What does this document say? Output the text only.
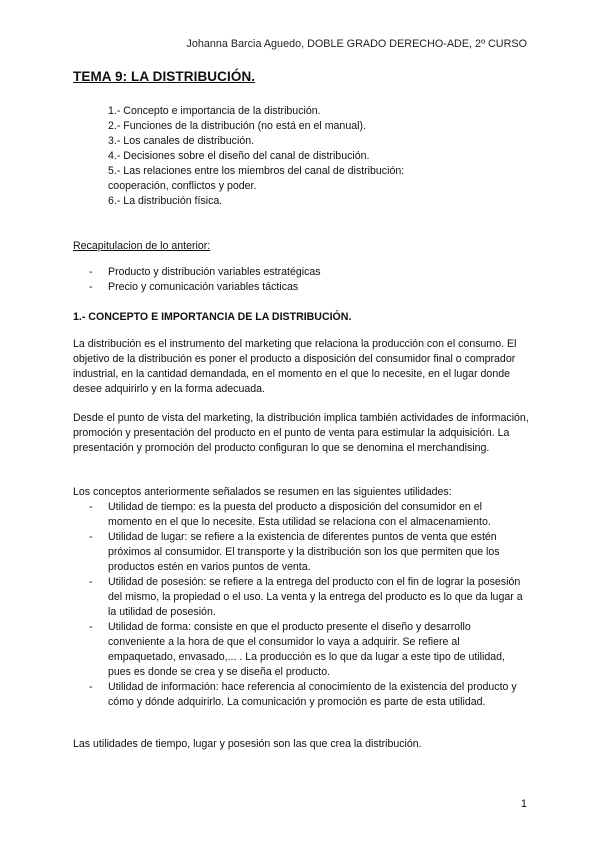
Johanna Barcia Aguedo, DOBLE GRADO DERECHO-ADE, 2º CURSO
TEMA 9: LA DISTRIBUCIÓN.
1.- Concepto e importancia de la distribución.
2.- Funciones de la distribución (no está en el manual).
3.- Los canales de distribución.
4.- Decisiones sobre el diseño del canal de distribución.
5.- Las relaciones entre los miembros del canal de distribución: cooperación, conflictos y poder.
6.- La distribución física.
Recapitulacion de lo anterior:
-	Producto y distribución variables estratégicas
-	Precio y comunicación variables tácticas
1.- CONCEPTO E IMPORTANCIA DE LA DISTRIBUCIÓN.
La distribución es el instrumento del marketing que relaciona la producción con el consumo. El objetivo de la distribución es poner el producto a disposición del consumidor final o comprador industrial, en la cantidad demandada, en el momento en el que lo necesite, en el lugar donde desee adquirirlo y en la forma adecuada.
Desde el punto de vista del marketing, la distribución implica también actividades de información, promoción y presentación del producto en el punto de venta para estimular la adquisición. La presentación y promoción del producto configuran lo que se denomina el merchandising.
Los conceptos anteriormente señalados se resumen en las siguientes utilidades:
-	Utilidad de tiempo: es la puesta del producto a disposición del consumidor en el momento en el que lo necesite. Esta utilidad se relaciona con el almacenamiento.
-	Utilidad de lugar: se refiere a la existencia de diferentes puntos de venta que estén próximos al consumidor. El transporte y la distribución son los que permiten que los productos estén en varios puntos de venta.
-	Utilidad de posesión: se refiere a la entrega del producto con el fin de lograr la posesión del mismo, la propiedad o el uso. La venta y la entrega del producto es lo que da lugar a la utilidad de posesión.
-	Utilidad de forma: consiste en que el producto presente el diseño y desarrollo conveniente a la hora de que el consumidor lo vaya a adquirir. Se refiere al empaquetado, envasado,... . La producción es lo que da lugar a este tipo de utilidad, pues es donde se crea y se diseña el producto.
-	Utilidad de información: hace referencia al conocimiento de la existencia del producto y cómo y dónde adquirirlo. La comunicación y promoción es parte de esta utilidad.
Las utilidades de tiempo, lugar y posesión son las que crea la distribución.
1
